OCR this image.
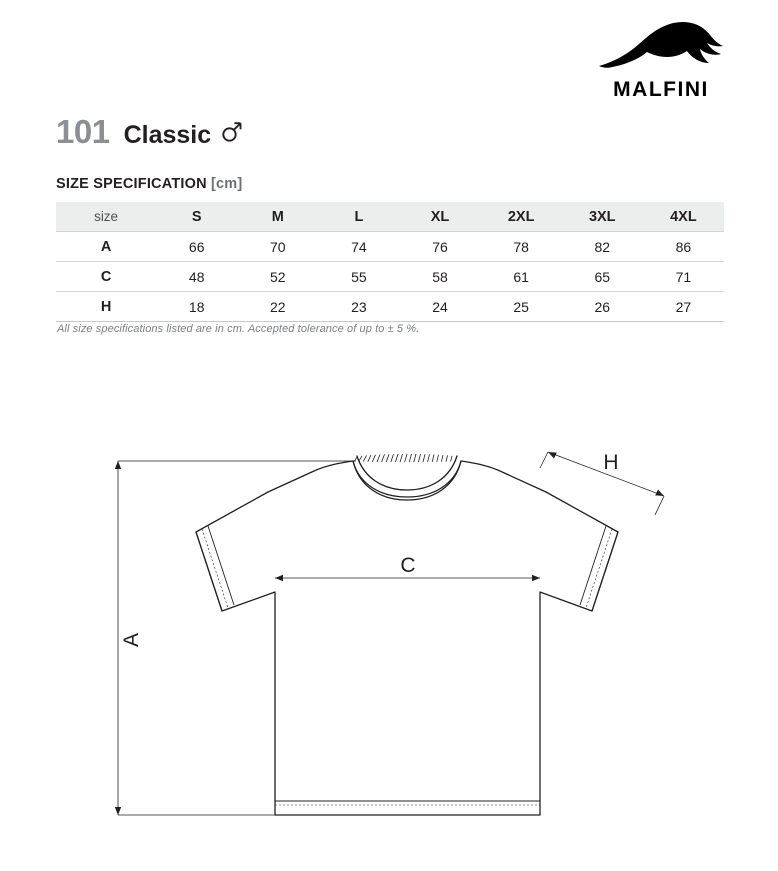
MALFINI
101 Classic
SIZE SPECIFICATION [cm]
size	S	M	L	XL	2XL	3XL	4XL
A	66	70	74	76	78	82	86
C	48	52	55	58	61	65	71
H	18	22	23	24	25	26	27
All size specifications listed are in cm. Accepted tolerance of up to ± 5 %.
A
C
H
